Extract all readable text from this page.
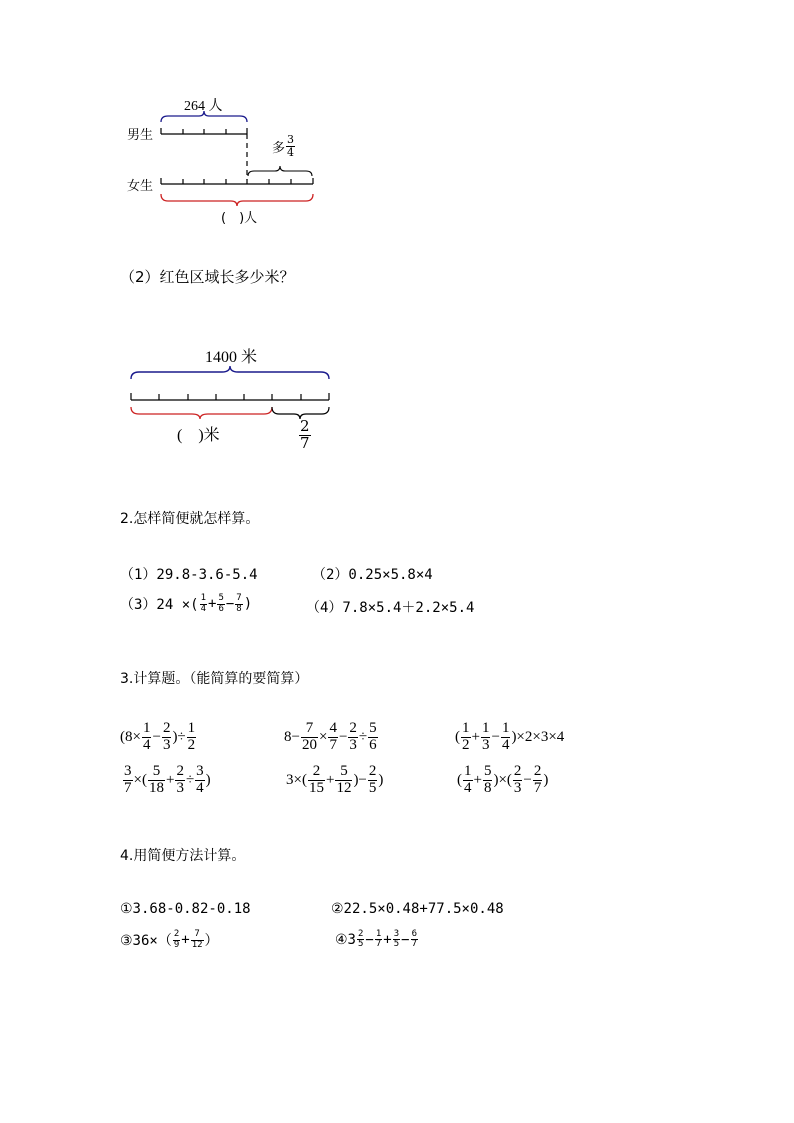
264 人
男生
女生
多 $\frac{3}{4}$
(　)人
（2）红色区域长多少米？
1400 米
(　)米	$\frac{2}{7}$
2.怎样简便就怎样算。
（1）29.8-3.6-5.4	（2）0.25×5.8×4
（3）24 ×( $\frac{1}{4} + \frac{5}{6} - \frac{7}{8}$ )	（4）7.8×5.4＋2.2×5.4
3.计算题。（能简算的要简算）
($8\times \frac{1}{4} - \frac{2}{3}$ )÷ $\frac{1}{2}$	$8- \frac{7}{20} \times \frac{4}{7} - \frac{2}{3} \div \frac{5}{6}$	( $\frac{1}{2} + \frac{1}{3} - \frac{1}{4} )\times 2\times 3\times 4$
$\frac{3}{7}$ ×( $\frac{5}{18} + \frac{2}{3} \div \frac{3}{4}$ )	$3\times( \frac{2}{15} + \frac{5}{12}$ )− $\frac{2}{5}$ )	( $\frac{1}{4} + \frac{5}{8}$ )×( $\frac{2}{3} - \frac{2}{7}$ )
4.用简便方法计算。
①3.68-0.82-0.18	②22.5×0.48+77.5×0.48
③36×（ $\frac{2}{9} + \frac{7}{12}$ ）	④3 $\frac{2}{5} - \frac{1}{7} + \frac{3}{5} - \frac{6}{7}$
